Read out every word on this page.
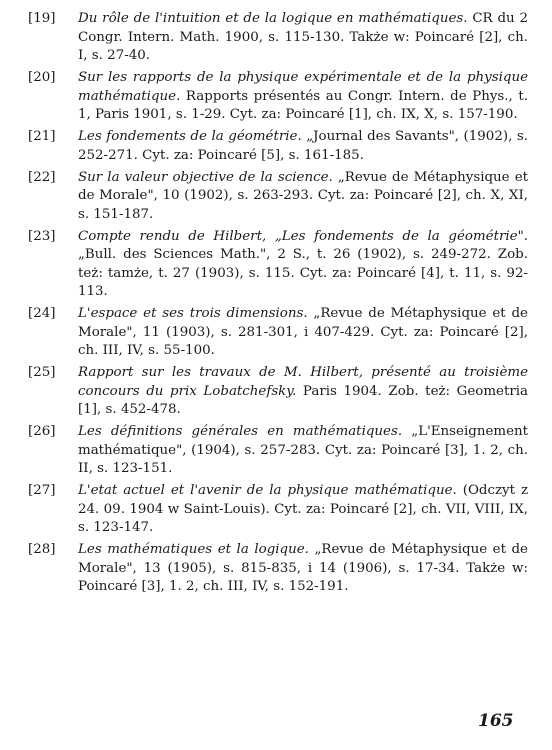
[19]	Du rôle de l'intuition et de la logique en mathématiques. CR du 2 Congr. Intern. Math. 1900, s. 115-130. Także w: Poincaré [2], ch. I, s. 27-40.
[20]	Sur les rapports de la physique expérimentale et de la physique mathématique. Rapports présentés au Congr. Intern. de Phys., t. 1, Paris 1901, s. 1-29. Cyt. za: Poincaré [1], ch. IX, X, s. 157-190.
[21]	Les fondements de la géométrie. „Journal des Savants", (1902), s. 252-271. Cyt. za: Poincaré [5], s. 161-185.
[22]	Sur la valeur objective de la science. „Revue de Métaphysique et de Morale", 10 (1902), s. 263-293. Cyt. za: Poincaré [2], ch. X, XI, s. 151-187.
[23]	Compte rendu de Hilbert, „Les fondements de la géométrie". „Bull. des Sciences Math.", 2 S., t. 26 (1902), s. 249-272. Zob. też: tamże, t. 27 (1903), s. 115. Cyt. za: Poincaré [4], t. 11, s. 92-113.
[24]	L'espace et ses trois dimensions. „Revue de Métaphysique et de Morale", 11 (1903), s. 281-301, i 407-429. Cyt. za: Poincaré [2], ch. III, IV, s. 55-100.
[25]	Rapport sur les travaux de M. Hilbert, présenté au troisième concours du prix Lobatchefsky. Paris 1904. Zob. też: Geometria [1], s. 452-478.
[26]	Les définitions générales en mathématiques. „L'Enseignement mathématique", (1904), s. 257-283. Cyt. za: Poincaré [3], 1. 2, ch. II, s. 123-151.
[27]	L'etat actuel et l'avenir de la physique mathématique. (Odczyt z 24. 09. 1904 w Saint-Louis). Cyt. za: Poincaré [2], ch. VII, VIII, IX, s. 123-147.
[28]	Les mathématiques et la logique. „Revue de Métaphysique et de Morale", 13 (1905), s. 815-835, i 14 (1906), s. 17-34. Także w: Poincaré [3], 1. 2, ch. III, IV, s. 152-191.
165
